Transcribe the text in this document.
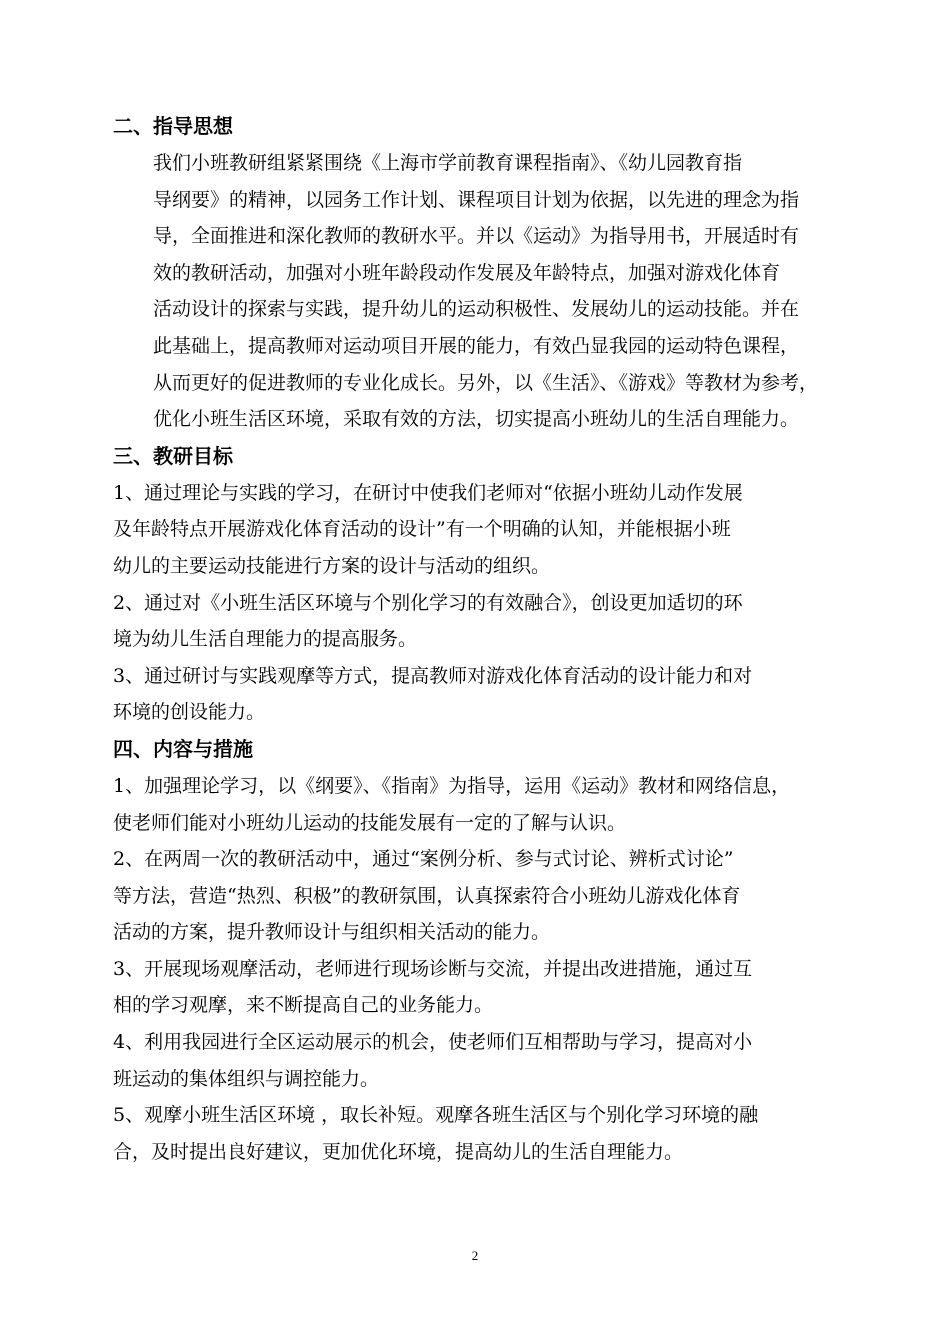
二、指导思想
我们小班教研组紧紧围绕《上海市学前教育课程指南》、《幼儿园教育指
导纲要》的精神，以园务工作计划、课程项目计划为依据，以先进的理念为指
导，全面推进和深化教师的教研水平。并以《运动》为指导用书，开展适时有
效的教研活动，加强对小班年龄段动作发展及年龄特点，加强对游戏化体育
活动设计的探索与实践，提升幼儿的运动积极性、发展幼儿的运动技能。并在
此基础上，提高教师对运动项目开展的能力，有效凸显我园的运动特色课程，
从而更好的促进教师的专业化成长。另外，以《生活》、《游戏》等教材为参考，
优化小班生活区环境，采取有效的方法，切实提高小班幼儿的生活自理能力。
三、教研目标
1、通过理论与实践的学习，在研讨中使我们老师对“依据小班幼儿动作发展
及年龄特点开展游戏化体育活动的设计”有一个明确的认知，并能根据小班
幼儿的主要运动技能进行方案的设计与活动的组织。
2、通过对《小班生活区环境与个别化学习的有效融合》，创设更加适切的环
境为幼儿生活自理能力的提高服务。
3、通过研讨与实践观摩等方式，提高教师对游戏化体育活动的设计能力和对
环境的创设能力。
四、内容与措施
1、加强理论学习，以《纲要》、《指南》为指导，运用《运动》教材和网络信息，
使老师们能对小班幼儿运动的技能发展有一定的了解与认识。
2、在两周一次的教研活动中，通过“案例分析、参与式讨论、辨析式讨论”
等方法，营造“热烈、积极”的教研氛围，认真探索符合小班幼儿游戏化体育
活动的方案，提升教师设计与组织相关活动的能力。
3、开展现场观摩活动，老师进行现场诊断与交流，并提出改进措施，通过互
相的学习观摩，来不断提高自己的业务能力。
4、利用我园进行全区运动展示的机会，使老师们互相帮助与学习，提高对小
班运动的集体组织与调控能力。
5、观摩小班生活区环境 ，取长补短。观摩各班生活区与个别化学习环境的融
合，及时提出良好建议，更加优化环境，提高幼儿的生活自理能力。
2
